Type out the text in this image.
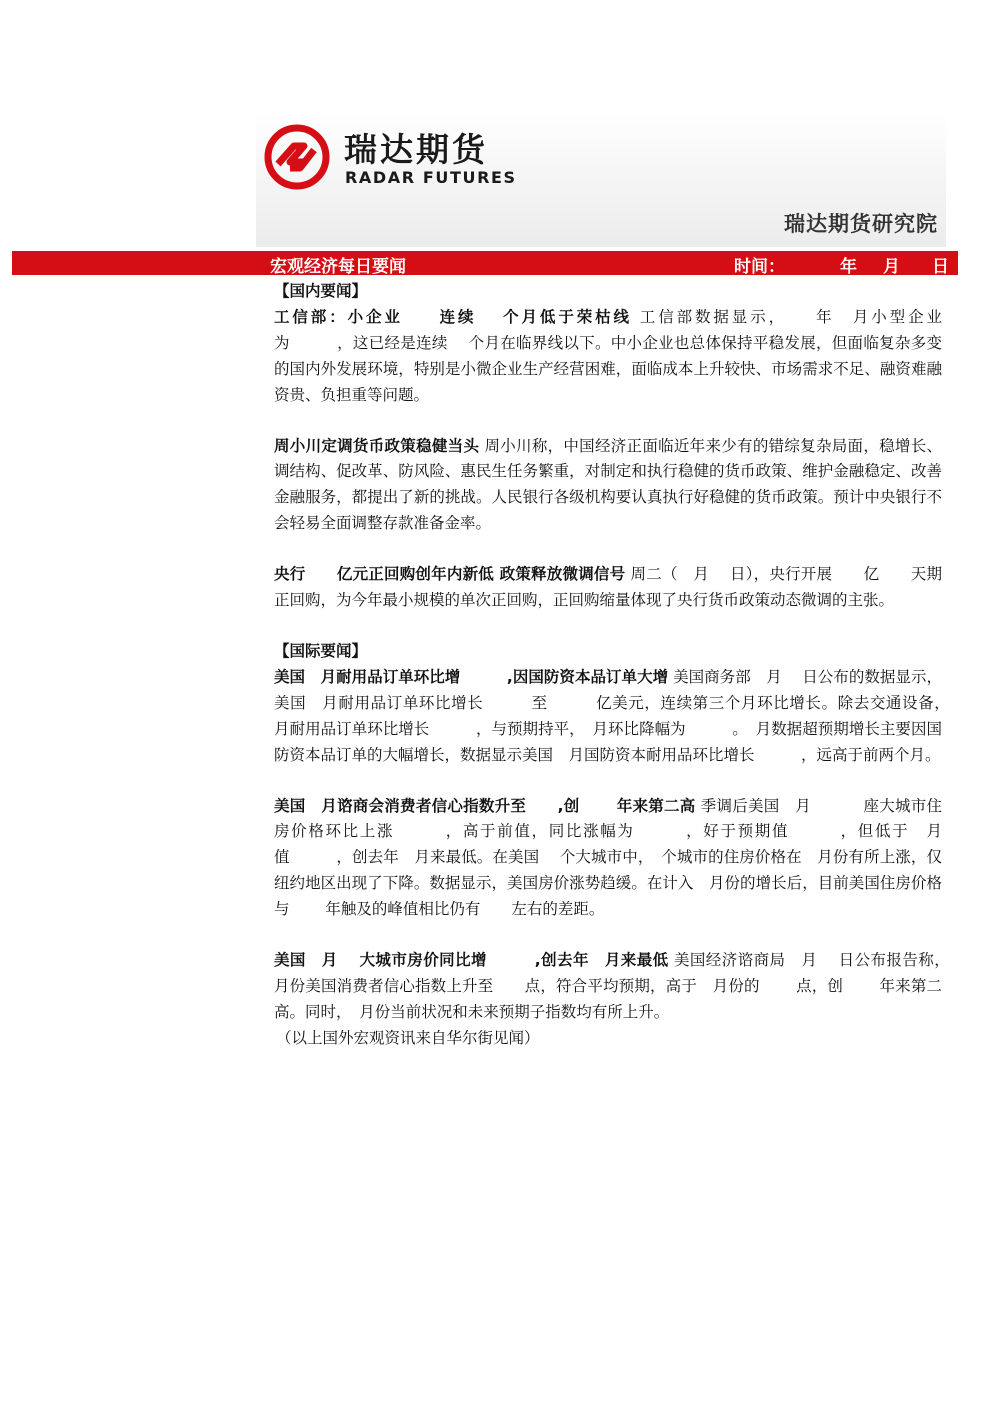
瑞达期货
RADAR FUTURES
瑞达期货研究院
宏观经济每日要闻	时间：	年 月 日

【国内要闻】

工信部：小企业　　连续　 个月低于荣枯线 工信部数据显示，　　年　月小型企业　　为　　　，这已经是连续　 个月在临界线以下。中小企业也总体保持平稳发展，但面临复杂多变的国内外发展环境，特别是小微企业生产经营困难，面临成本上升较快、市场需求不足、融资难融资贵、负担重等问题。

周小川定调货币政策稳健当头 周小川称，中国经济正面临近年来少有的错综复杂局面，稳增长、调结构、促改革、防风险、惠民生任务繁重，对制定和执行稳健的货币政策、维护金融稳定、改善金融服务，都提出了新的挑战。人民银行各级机构要认真执行好稳健的货币政策。预计中央银行不会轻易全面调整存款准备金率。

央行　　亿元正回购创年内新低 政策释放微调信号 周二（　月　 日），央行开展　　亿　　天期正回购，为今年最小规模的单次正回购，正回购缩量体现了央行货币政策动态微调的主张。

【国际要闻】

美国　月耐用品订单环比增　　　,因国防资本品订单大增 美国商务部　月　 日公布的数据显示，美国　月耐用品订单环比增长　　　至　　　亿美元，连续第三个月环比增长。除去交通设备，　月耐用品订单环比增长　　　，与预期持平，　月环比降幅为　　　。　月数据超预期增长主要因国防资本品订单的大幅增长，数据显示美国　月国防资本耐用品环比增长　　　，远高于前两个月。

美国　月谘商会消费者信心指数升至　　,创　　 年来第二高 季调后美国　月　　　 座大城市住房价格环比上涨　　　，高于前值，同比涨幅为　　　，好于预期值　　　，但低于　月值　　　，创去年　月来最低。在美国　 个大城市中，　个城市的住房价格在　月份有所上涨，仅纽约地区出现了下降。数据显示，美国房价涨势趋缓。在计入　月份的增长后，目前美国住房价格与　　 年触及的峰值相比仍有　　左右的差距。

美国　月　 大城市房价同比增　　　,创去年　月来最低 美国经济谘商局　月　 日公布报告称，　月份美国消费者信心指数上升至　　点，符合平均预期，高于　月份的　　 点，创　　 年来第二高。同时，　月份当前状况和未来预期子指数均有所上升。

（以上国外宏观资讯来自华尔街见闻）
